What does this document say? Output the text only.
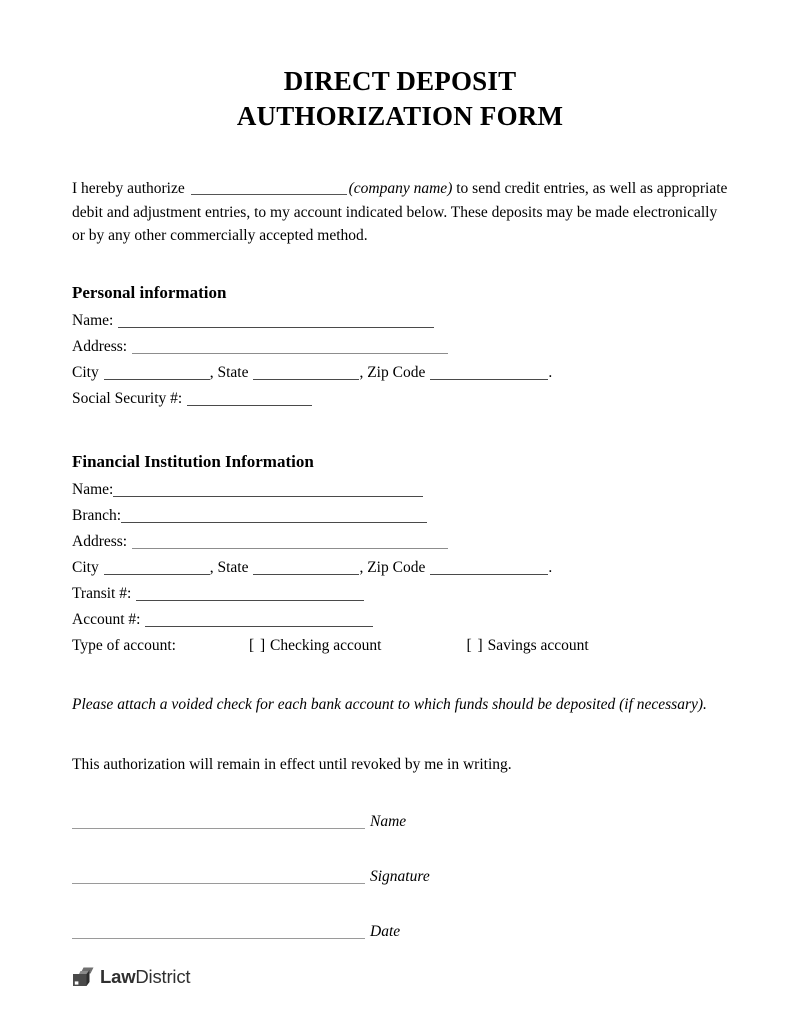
DIRECT DEPOSIT
AUTHORIZATION FORM

I hereby authorize	(company name) to send credit entries, as well as appropriate debit and adjustment entries, to my account indicated below. These deposits may be made electronically or by any other commercially accepted method.

Personal information
Name:
Address:
City	, State	, Zip Code	.
Social Security #:
Financial Institution Information
Name:
Branch:
Address:
City	, State	, Zip Code	.
Transit #:
Account #:
Type of account:	[ ] Checking account	[ ] Savings account

Please attach a voided check for each bank account to which funds should be deposited (if necessary).

This authorization will remain in effect until revoked by me in writing.

Name
Signature
Date
LawDistrict
